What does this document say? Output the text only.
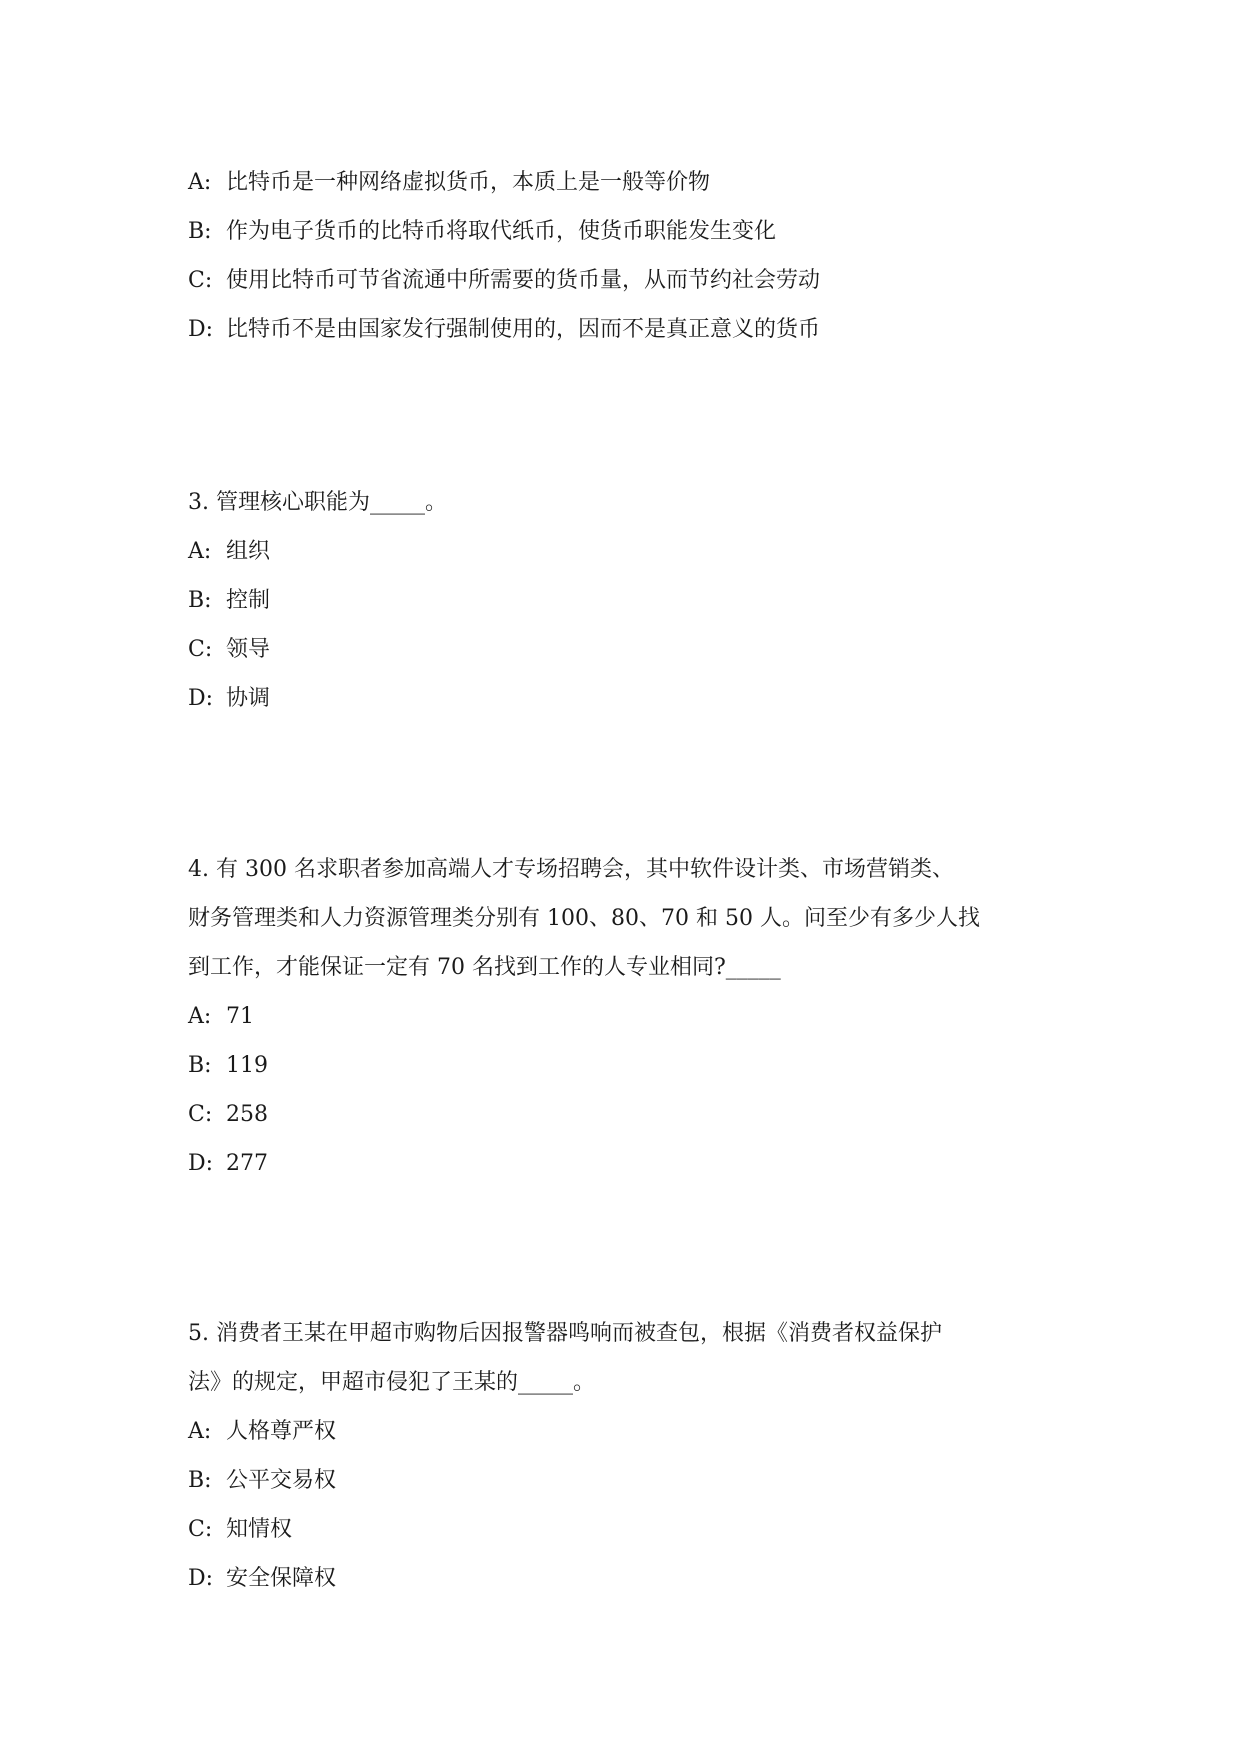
A: 比特币是一种网络虚拟货币，本质上是一般等价物
B: 作为电子货币的比特币将取代纸币，使货币职能发生变化
C: 使用比特币可节省流通中所需要的货币量，从而节约社会劳动
D: 比特币不是由国家发行强制使用的，因而不是真正意义的货币
3. 管理核心职能为_____。
A: 组织
B: 控制
C: 领导
D: 协调
4. 有 300 名求职者参加高端人才专场招聘会，其中软件设计类、市场营销类、
财务管理类和人力资源管理类分别有 100、80、70 和 50 人。问至少有多少人找
到工作，才能保证一定有 70 名找到工作的人专业相同?_____
A: 71
B: 119
C: 258
D: 277
5. 消费者王某在甲超市购物后因报警器鸣响而被查包，根据《消费者权益保护
法》的规定，甲超市侵犯了王某的_____。
A: 人格尊严权
B: 公平交易权
C: 知情权
D: 安全保障权
